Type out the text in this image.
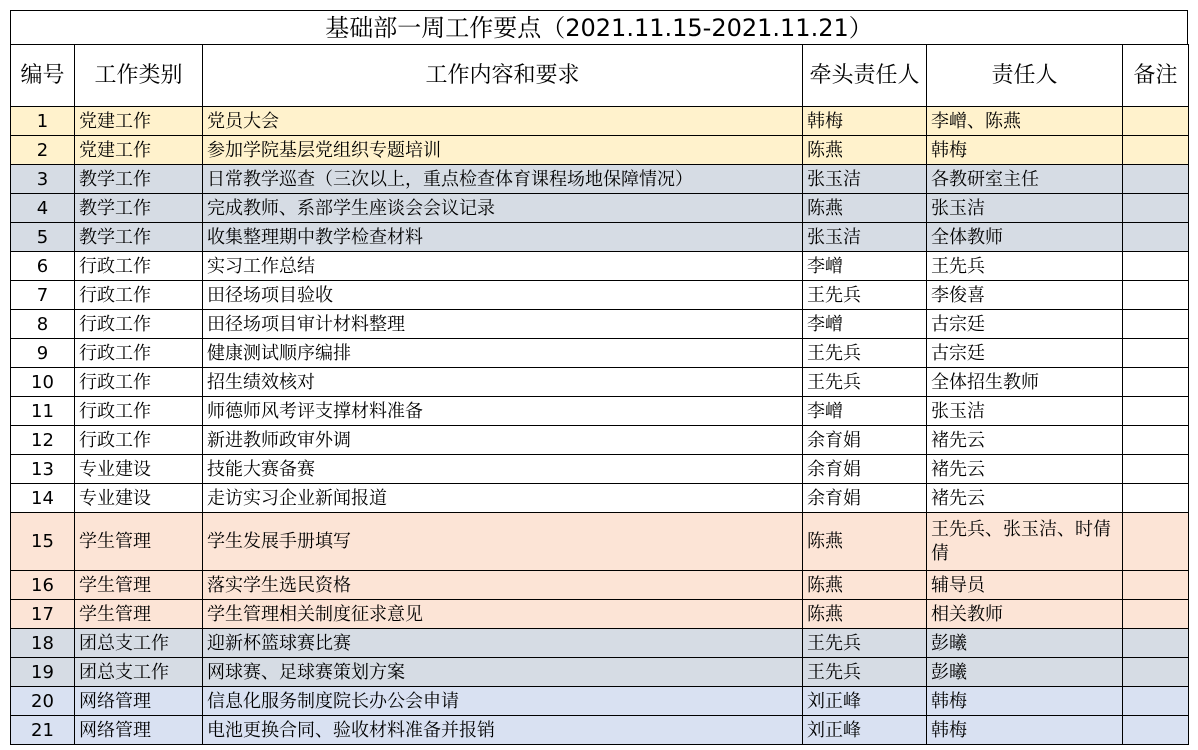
基础部一周工作要点（2021.11.15-2021.11.21）
编号	工作类别	工作内容和要求	牵头责任人	责任人	备注
1	党建工作	党员大会	韩梅	李嶒、陈燕	
2	党建工作	参加学院基层党组织专题培训	陈燕	韩梅	
3	教学工作	日常教学巡查（三次以上，重点检查体育课程场地保障情况）	张玉洁	各教研室主任	
4	教学工作	完成教师、系部学生座谈会会议记录	陈燕	张玉洁	
5	教学工作	收集整理期中教学检查材料	张玉洁	全体教师	
6	行政工作	实习工作总结	李嶒	王先兵	
7	行政工作	田径场项目验收	王先兵	李俊喜	
8	行政工作	田径场项目审计材料整理	李嶒	古宗廷	
9	行政工作	健康测试顺序编排	王先兵	古宗廷	
10	行政工作	招生绩效核对	王先兵	全体招生教师	
11	行政工作	师德师风考评支撑材料准备	李嶒	张玉洁	
12	行政工作	新进教师政审外调	余育娟	褚先云	
13	专业建设	技能大赛备赛	余育娟	褚先云	
14	专业建设	走访实习企业新闻报道	余育娟	褚先云	
15	学生管理	学生发展手册填写	陈燕	王先兵、张玉洁、时倩倩	
16	学生管理	落实学生选民资格	陈燕	辅导员	
17	学生管理	学生管理相关制度征求意见	陈燕	相关教师	
18	团总支工作	迎新杯篮球赛比赛	王先兵	彭曦	
19	团总支工作	网球赛、足球赛策划方案	王先兵	彭曦	
20	网络管理	信息化服务制度院长办公会申请	刘正峰	韩梅	
21	网络管理	电池更换合同、验收材料准备并报销	刘正峰	韩梅	
